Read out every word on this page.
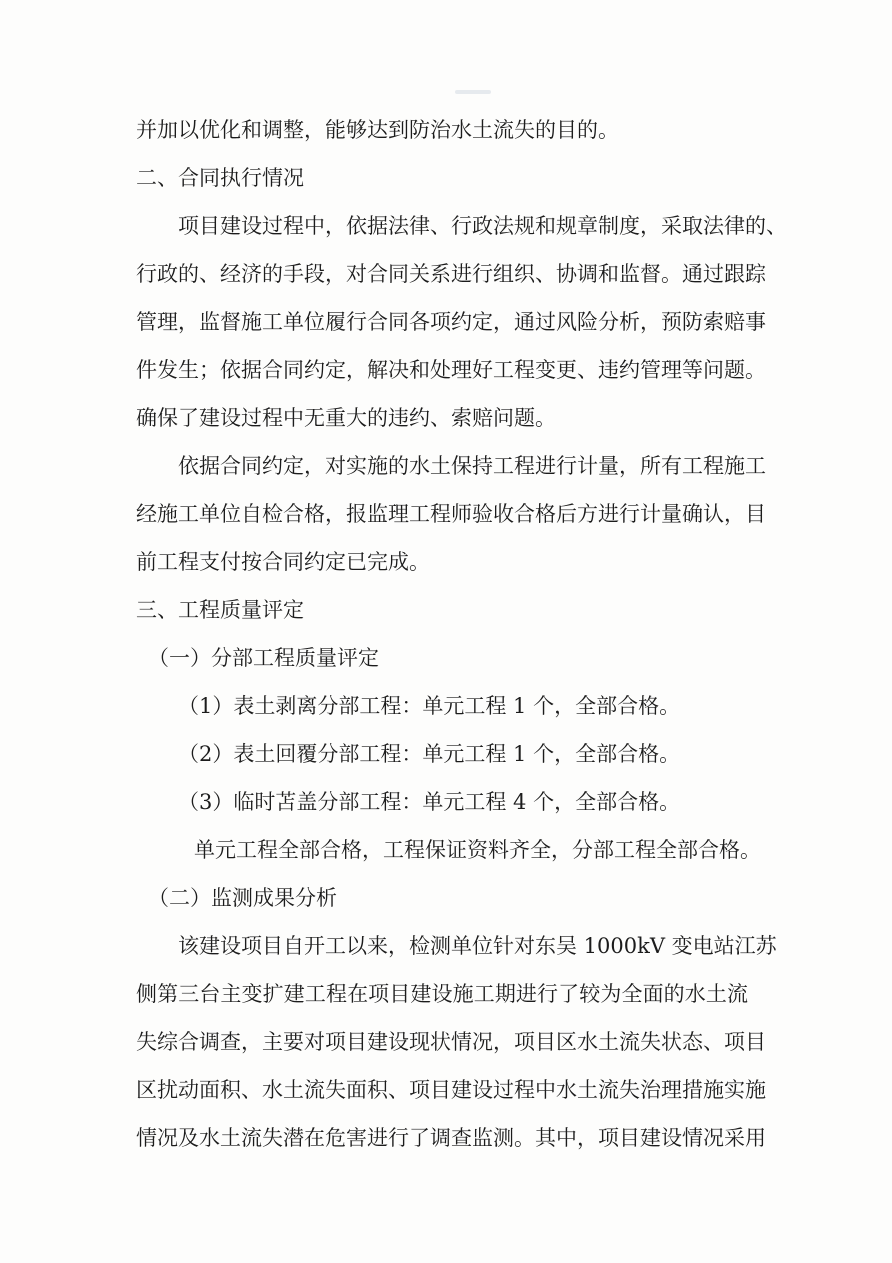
并加以优化和调整，能够达到防治水土流失的目的。

二、合同执行情况

项目建设过程中，依据法律、行政法规和规章制度，采取法律的、

行政的、经济的手段，对合同关系进行组织、协调和监督。通过跟踪

管理，监督施工单位履行合同各项约定，通过风险分析，预防索赔事

件发生；依据合同约定，解决和处理好工程变更、违约管理等问题。

确保了建设过程中无重大的违约、索赔问题。

依据合同约定，对实施的水土保持工程进行计量，所有工程施工

经施工单位自检合格，报监理工程师验收合格后方进行计量确认，目

前工程支付按合同约定已完成。

三、工程质量评定

（一）分部工程质量评定

（1）表土剥离分部工程：单元工程 1 个，全部合格。

（2）表土回覆分部工程：单元工程 1 个，全部合格。

（3）临时苫盖分部工程：单元工程 4 个，全部合格。

单元工程全部合格，工程保证资料齐全，分部工程全部合格。

（二）监测成果分析

该建设项目自开工以来，检测单位针对东吴 1000kV 变电站江苏

侧第三台主变扩建工程在项目建设施工期进行了较为全面的水土流

失综合调查，主要对项目建设现状情况，项目区水土流失状态、项目

区扰动面积、水土流失面积、项目建设过程中水土流失治理措施实施

情况及水土流失潜在危害进行了调查监测。其中，项目建设情况采用
